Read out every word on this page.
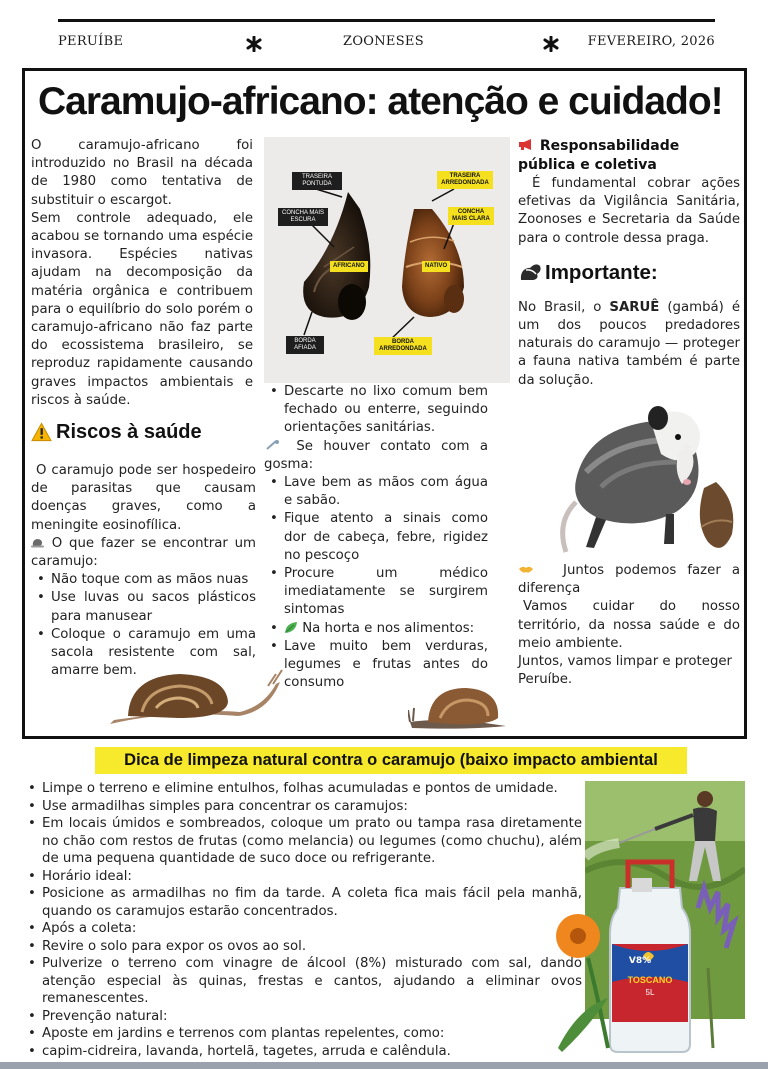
PERUÍBE	ZOONESES	FEVEREIRO, 2026
Caramujo-africano: atenção e cuidado!

O caramujo-africano foi introduzido no Brasil na década de 1980 como tentativa de substituir o escargot.

Sem controle adequado, ele acabou se tornando uma espécie invasora. Espécies nativas ajudam na decomposição da matéria orgânica e contribuem para o equilíbrio do solo porém o caramujo-africano não faz parte do ecossistema brasileiro, se reproduz rapidamente causando graves impactos ambientais e riscos à saúde.

Riscos à saúde

O caramujo pode ser hospedeiro de parasitas que causam doenças graves, como a meningite eosinofílica.

O que fazer se encontrar um caramujo:

• Não toque com as mãos nuas
• Use luvas ou sacos plásticos para manusear
• Coloque o caramujo em uma sacola resistente com sal, amarre bem.
TRASEIRA PONTUDA
CONCHA MAIS ESCURA
AFRICANO
BORDA AFIADA
TRASEIRA ARREDONDADA
CONCHA MAIS CLARA
NATIVO
BORDA ARREDONDADA
• Descarte no lixo comum bem fechado ou enterre, seguindo orientações sanitárias.

Se houver contato com a gosma:

• Lave bem as mãos com água e sabão.
• Fique atento a sinais como dor de cabeça, febre, rigidez no pescoço
• Procure um médico imediatamente se surgirem sintomas
• Na horta e nos alimentos:
• Lave muito bem verduras, legumes e frutas antes do consumo
Responsabilidade pública e coletiva

É fundamental cobrar ações efetivas da Vigilância Sanitária, Zoonoses e Secretaria da Saúde para o controle dessa praga.

Importante:

No Brasil, o SARUÊ (gambá) é um dos poucos predadores naturais do caramujo — proteger a fauna nativa também é parte da solução.

Juntos podemos fazer a diferença

Vamos cuidar do nosso território, da nossa saúde e do meio ambiente.

Juntos, vamos limpar e proteger Peruíbe.

Dica de limpeza natural contra o caramujo (baixo impacto ambiental
• Limpe o terreno e elimine entulhos, folhas acumuladas e pontos de umidade.
• Use armadilhas simples para concentrar os caramujos:
• Em locais úmidos e sombreados, coloque um prato ou tampa rasa diretamente no chão com restos de frutas (como melancia) ou legumes (como chuchu), além de uma pequena quantidade de suco doce ou refrigerante.
• Horário ideal:
• Posicione as armadilhas no fim da tarde. A coleta fica mais fácil pela manhã, quando os caramujos estarão concentrados.
• Após a coleta:
• Revire o solo para expor os ovos ao sol.
• Pulverize o terreno com vinagre de álcool (8%) misturado com sal, dando atenção especial às quinas, frestas e cantos, ajudando a eliminar ovos remanescentes.
• Prevenção natural:
• Aposte em jardins e terrenos com plantas repelentes, como:
• capim-cidreira, lavanda, hortelã, tagetes, arruda e calêndula.
V8%
TOSCANO
5L
